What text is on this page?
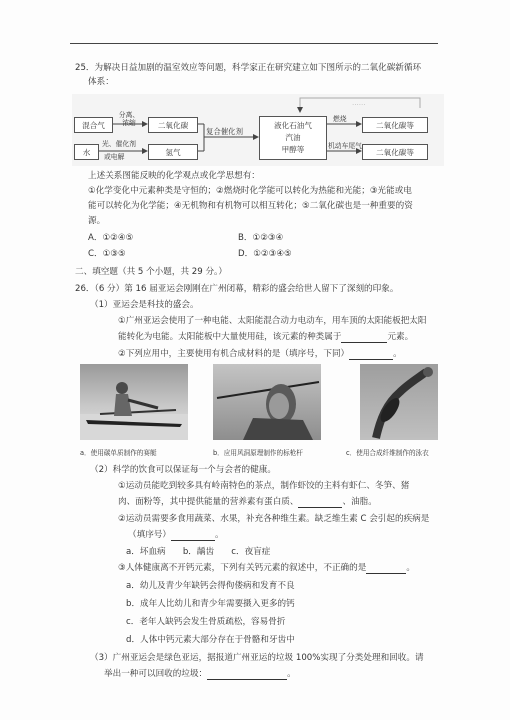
25．为解决日益加剧的温室效应等问题，科学家正在研究建立如下图所示的二氧化碳新循环
体系：
混合气
分离、
浓缩	二氧化碳
水
光、催化剂
或电解
氢气
复合催化剂
液化石油气
汽油
甲醇等
燃烧
机动车尾气
二氧化碳等
二氧化碳等
……
上述关系图能反映的化学观点或化学思想有：
①化学变化中元素种类是守恒的；②燃烧时化学能可以转化为热能和光能；③光能或电
能可以转化为化学能；④无机物和有机物可以相互转化；⑤二氧化碳也是一种重要的资
源。
A．①②④⑤	B．①②③④
C．①③⑤	D．①②③④⑤
二、填空题（共 5 个小题，共 29 分。）
26．（6 分）第 16 届亚运会刚刚在广州闭幕，精彩的盛会给世人留下了深刻的印象。
（1）亚运会是科技的盛会。
①广州亚运会使用了一种电能、太阳能混合动力电动车，用车顶的太阳能板把太阳
能转化为电能。太阳能板中大量使用硅，该元素的种类属于	元素。
②下列应用中，主要使用有机合成材料的是（填序号，下同）	。
a．使用碳单质制作的赛艇	b．应用风洞原理制作的标枪杆	c．使用合成纤维制作的泳衣
（2）科学的饮食可以保证每一个与会者的健康。
①运动员能吃到较多具有岭南特色的茶点，制作虾饺的主料有虾仁、冬笋、猪
肉、面粉等，其中提供能量的营养素有蛋白质、	、油脂。
②运动员需要多食用蔬菜、水果，补充各种维生素。缺乏维生素 C 会引起的疾病是
（填序号）	。
a．坏血病　　b．龋齿　　c．夜盲症
③人体健康离不开钙元素，下列有关钙元素的叙述中，不正确的是	。
a．幼儿及青少年缺钙会得佝偻病和发育不良
b．成年人比幼儿和青少年需要摄入更多的钙
c．老年人缺钙会发生骨质疏松，容易骨折
d．人体中钙元素大部分存在于骨骼和牙齿中
（3）广州亚运会是绿色亚运，据报道广州亚运的垃圾 100%实现了分类处理和回收。请
举出一种可以回收的垃圾：	。
